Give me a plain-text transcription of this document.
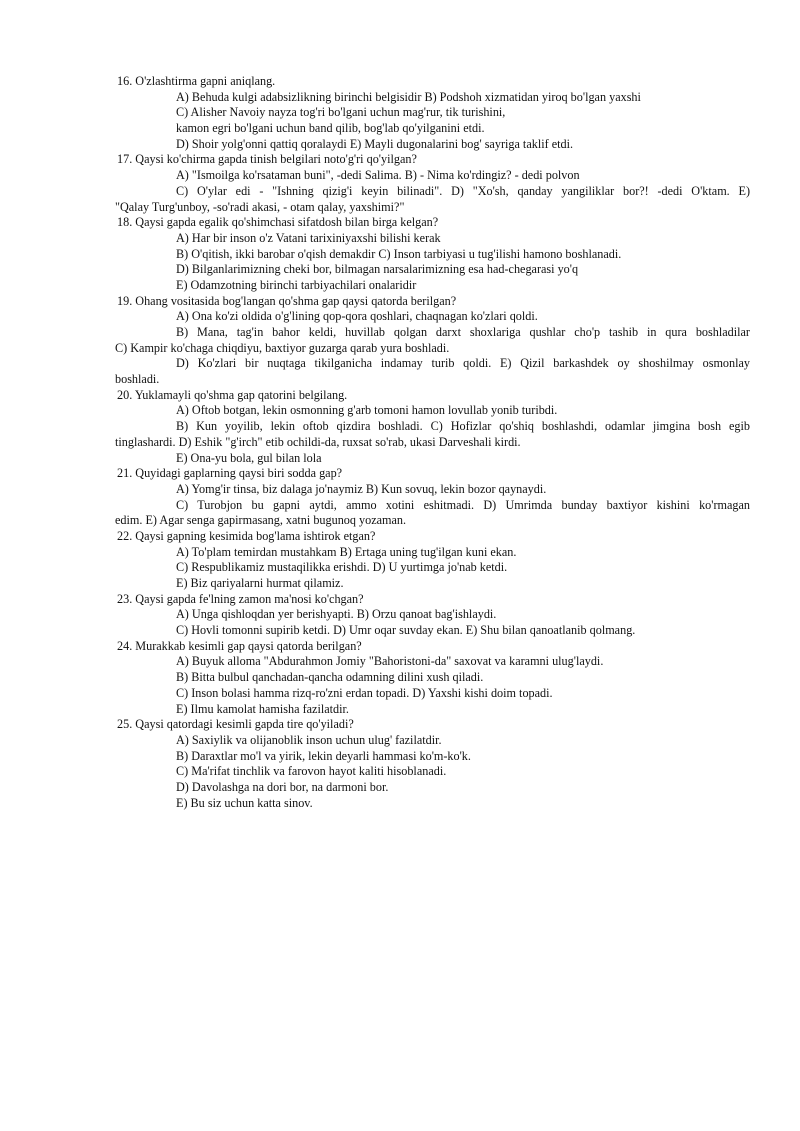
16. O'zlashtirma gapni aniqlang.
A) Behuda kulgi adabsizlikning birinchi belgisidir B) Podshoh xizmatidan yiroq bo'lgan yaxshi
C) Alisher Navoiy nayza tog'ri bo'lgani uchun mag'rur, tik turishini,
kamon egri bo'lgani uchun band qilib, bog'lab qo'yilganini etdi.
D) Shoir yolg'onni qattiq qoralaydi E) Mayli dugonalarini bog' sayriga taklif etdi.
17. Qaysi ko'chirma gapda tinish belgilari noto'g'ri qo'yilgan?
A) "Ismoilga ko'rsataman buni", -dedi Salima. B) - Nima ko'rdingiz? - dedi polvon
C) O'ylar edi - "Ishning qizig'i keyin bilinadi". D) "Xo'sh, qanday yangiliklar bor?! -dedi O'ktam. E)
"Qalay Turg'unboy, -so'radi akasi, - otam qalay, yaxshimi?"
18. Qaysi gapda egalik qo'shimchasi sifatdosh bilan birga kelgan?
A) Har bir inson o'z Vatani tarixiniyaxshi bilishi kerak
B) O'qitish, ikki barobar o'qish demakdir C) Inson tarbiyasi u tug'ilishi hamono boshlanadi.
D) Bilganlarimizning cheki bor, bilmagan narsalarimizning esa had-chegarasi yo'q
E) Odamzotning birinchi tarbiyachilari onalaridir
19. Ohang vositasida bog'langan qo'shma gap qaysi qatorda berilgan?
A) Ona ko'zi oldida o'g'lining qop-qora qoshlari, chaqnagan ko'zlari qoldi.
B) Mana, tag'in bahor keldi, huvillab qolgan darxt shoxlariga qushlar cho'p tashib in qura boshladilar
C) Kampir ko'chaga chiqdiyu, baxtiyor guzarga qarab yura boshladi.
D) Ko'zlari bir nuqtaga tikilganicha indamay turib qoldi. E) Qizil barkashdek oy shoshilmay osmonlay
boshladi.
20. Yuklamayli qo'shma gap qatorini belgilang.
A) Oftob botgan, lekin osmonning g'arb tomoni hamon lovullab yonib turibdi.
B) Kun yoyilib, lekin oftob qizdira boshladi. C) Hofizlar qo'shiq boshlashdi, odamlar jimgina bosh egib
tinglashardi. D) Eshik "g'irch" etib ochildi-da, ruxsat so'rab, ukasi Darveshali kirdi.
E) Ona-yu bola, gul bilan lola
21. Quyidagi gaplarning qaysi biri sodda gap?
A) Yomg'ir tinsa, biz dalaga jo'naymiz B) Kun sovuq, lekin bozor qaynaydi.
C) Turobjon bu gapni aytdi, ammo xotini eshitmadi. D) Umrimda bunday baxtiyor kishini ko'rmagan
edim. E) Agar senga gapirmasang, xatni bugunoq yozaman.
22. Qaysi gapning kesimida bog'lama ishtirok etgan?
A) To'plam temirdan mustahkam B) Ertaga uning tug'ilgan kuni ekan.
C) Respublikamiz mustaqilikka erishdi. D) U yurtimga jo'nab ketdi.
E) Biz qariyalarni hurmat qilamiz.
23. Qaysi gapda fe'lning zamon ma'nosi ko'chgan?
A) Unga qishloqdan yer berishyapti. B) Orzu qanoat bag'ishlaydi.
C) Hovli tomonni supirib ketdi. D) Umr oqar suvday ekan. E) Shu bilan qanoatlanib qolmang.
24. Murakkab kesimli gap qaysi qatorda berilgan?
A) Buyuk alloma "Abdurahmon Jomiy "Bahoristoni-da" saxovat va karamni ulug'laydi.
B) Bitta bulbul qanchadan-qancha odamning dilini xush qiladi.
C) Inson bolasi hamma rizq-ro'zni erdan topadi. D) Yaxshi kishi doim topadi.
E) Ilmu kamolat hamisha fazilatdir.
25. Qaysi qatordagi kesimli gapda tire qo'yiladi?
A) Saxiylik va olijanoblik inson uchun ulug' fazilatdir.
B) Daraxtlar mo'l va yirik, lekin deyarli hammasi ko'm-ko'k.
C) Ma'rifat tinchlik va farovon hayot kaliti hisoblanadi.
D) Davolashga na dori bor, na darmoni bor.
E) Bu siz uchun katta sinov.
